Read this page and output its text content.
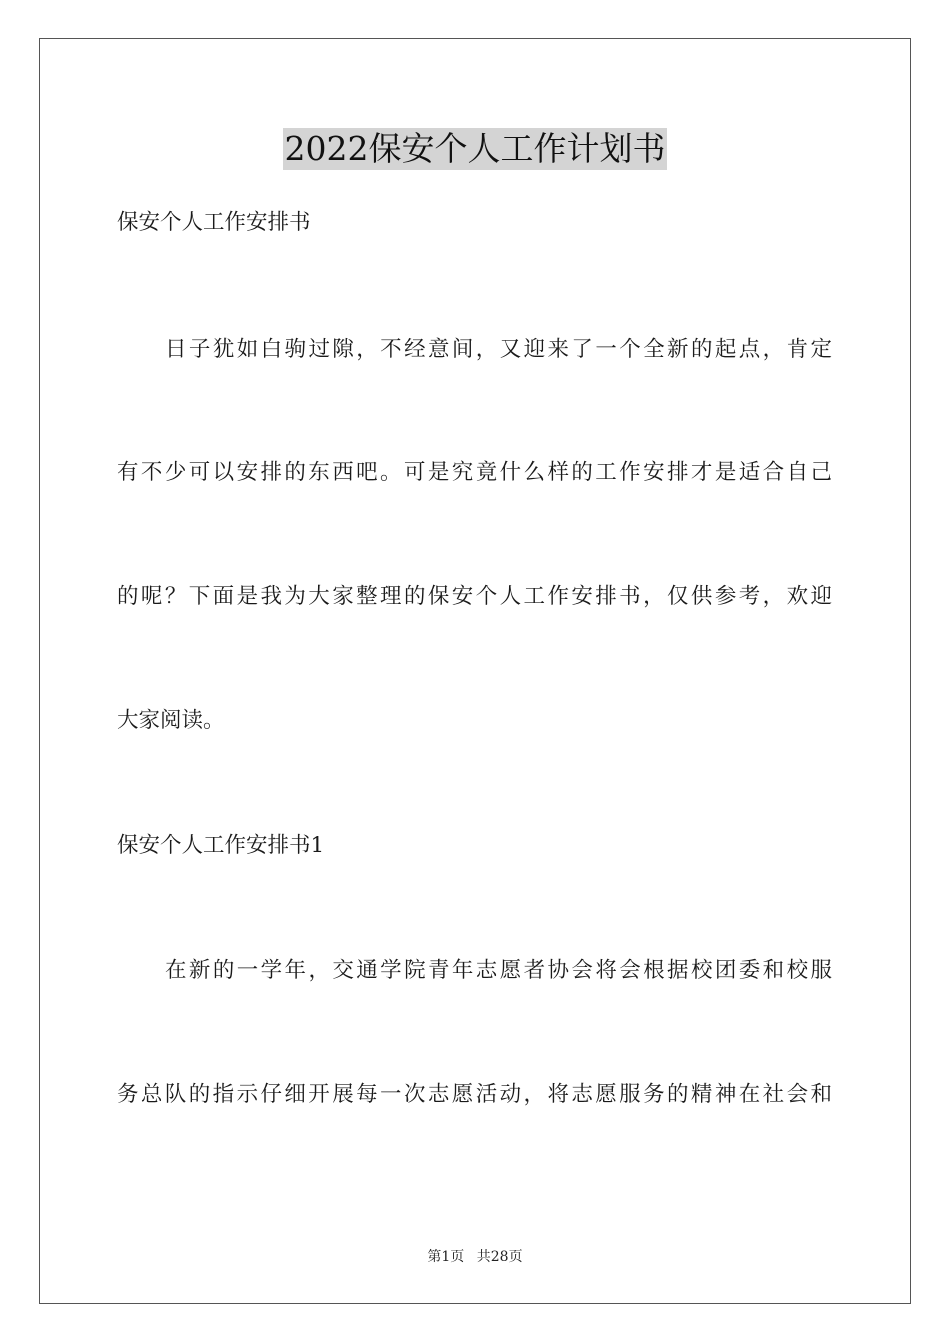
2022保安个人工作计划书
保安个人工作安排书
日子犹如白驹过隙，不经意间，又迎来了一个全新的起点，肯定
有不少可以安排的东西吧。可是究竟什么样的工作安排才是适合自己
的呢？下面是我为大家整理的保安个人工作安排书，仅供参考，欢迎
大家阅读。
保安个人工作安排书1
在新的一学年，交通学院青年志愿者协会将会根据校团委和校服
务总队的指示仔细开展每一次志愿活动，将志愿服务的精神在社会和
第1页 共28页
